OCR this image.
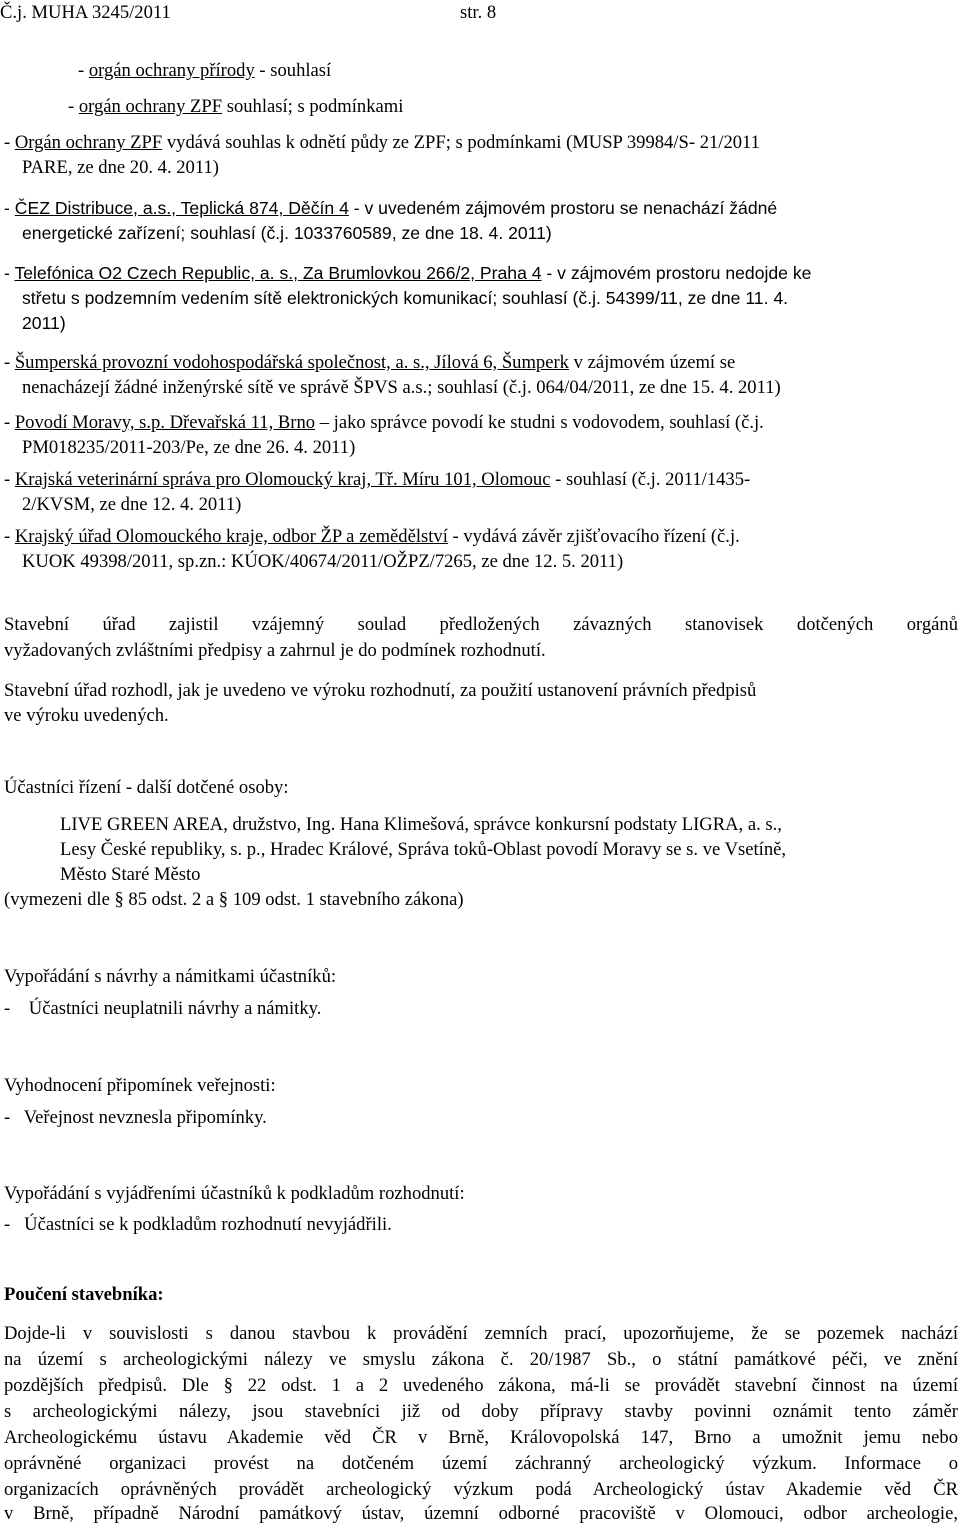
Č.j. MUHA 3245/2011	str. 8
- orgán ochrany přírody - souhlasí
- orgán ochrany ZPF souhlasí; s podmínkami
- Orgán ochrany ZPF vydává souhlas k odnětí půdy ze ZPF; s podmínkami (MUSP 39984/S- 21/2011
PARE, ze dne 20. 4. 2011)
- ČEZ Distribuce, a.s., Teplická 874, Děčín 4 - v uvedeném zájmovém prostoru se nenachází žádné
energetické zařízení; souhlasí (č.j. 1033760589, ze dne 18. 4. 2011)
- Telefónica O2 Czech Republic, a. s., Za Brumlovkou 266/2, Praha 4 - v zájmovém prostoru nedojde ke
střetu s podzemním vedením sítě elektronických komunikací; souhlasí (č.j. 54399/11, ze dne 11. 4.
2011)
- Šumperská provozní vodohospodářská společnost, a. s., Jílová 6, Šumperk v zájmovém území se
nenacházejí žádné inženýrské sítě ve správě ŠPVS a.s.; souhlasí (č.j. 064/04/2011, ze dne 15. 4. 2011)
- Povodí Moravy, s.p. Dřevařská 11, Brno – jako správce povodí ke studni s vodovodem, souhlasí (č.j.
PM018235/2011-203/Pe, ze dne 26. 4. 2011)
- Krajská veterinární správa pro Olomoucký kraj, Tř. Míru 101, Olomouc - souhlasí (č.j. 2011/1435-
2/KVSM, ze dne 12. 4. 2011)
- Krajský úřad Olomouckého kraje, odbor ŽP a zemědělství - vydává závěr zjišťovacího řízení (č.j.
KUOK 49398/2011, sp.zn.: KÚOK/40674/2011/OŽPZ/7265, ze dne 12. 5. 2011)
Stavební úřad zajistil vzájemný soulad předložených závazných stanovisek dotčených orgánů
vyžadovaných zvláštními předpisy a zahrnul je do podmínek rozhodnutí.
Stavební úřad rozhodl, jak je uvedeno ve výroku rozhodnutí, za použití ustanovení právních předpisů
ve výroku uvedených.
Účastníci řízení - další dotčené osoby:
LIVE GREEN AREA, družstvo, Ing. Hana Klimešová, správce konkursní podstaty LIGRA, a. s.,
Lesy České republiky, s. p., Hradec Králové, Správa toků-Oblast povodí Moravy se s. ve Vsetíně,
Město Staré Město
(vymezeni dle § 85 odst. 2 a § 109 odst. 1 stavebního zákona)
Vypořádání s návrhy a námitkami účastníků:
-    Účastníci neuplatnili návrhy a námitky.
Vyhodnocení připomínek veřejnosti:
-   Veřejnost nevznesla připomínky.
Vypořádání s vyjádřeními účastníků k podkladům rozhodnutí:
-   Účastníci se k podkladům rozhodnutí nevyjádřili.
Poučení stavebníka:
Dojde-li v souvislosti s danou stavbou k provádění zemních prací, upozorňujeme, že se pozemek nachází
na území s archeologickými nálezy ve smyslu zákona č. 20/1987 Sb., o státní památkové péči, ve znění
pozdějších předpisů. Dle § 22 odst. 1 a 2 uvedeného zákona, má-li se provádět stavební činnost na území
s archeologickými nálezy, jsou stavebníci již od doby přípravy stavby povinni oznámit tento záměr
Archeologickému ústavu Akademie věd ČR v Brně, Královopolská 147, Brno a umožnit jemu nebo
oprávněné organizaci provést na dotčeném území záchranný archeologický výzkum. Informace o
organizacích oprávněných provádět archeologický výzkum podá Archeologický ústav Akademie věd ČR
v Brně, případně Národní památkový ústav, územní odborné pracoviště v Olomouci, odbor archeologie,
